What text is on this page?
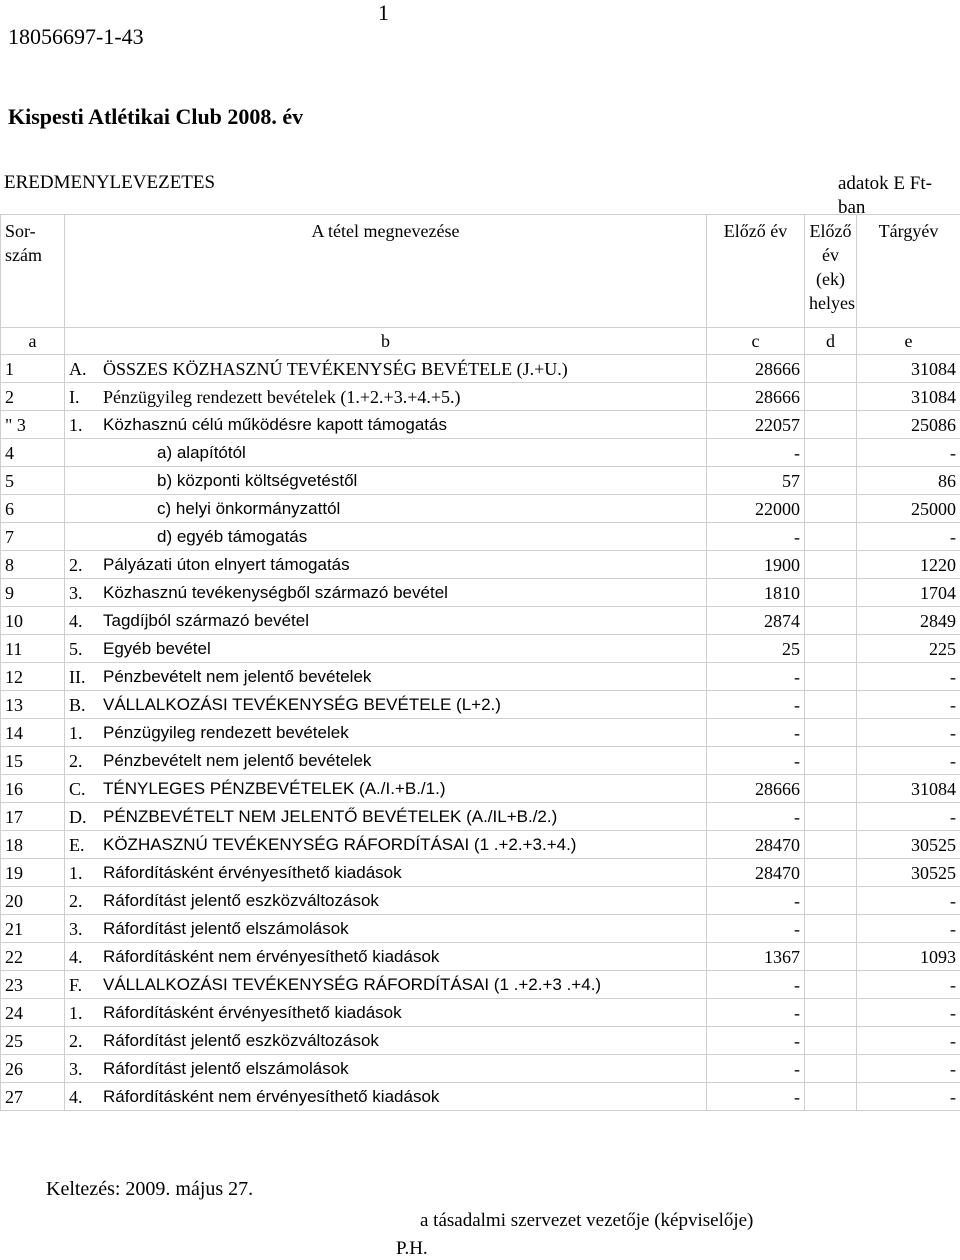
18056697-1-43
1
Kispesti Atlétikai Club 2008. év
EREDMENYLEVEZETES	adatok E Ft-ban
Sor- szám	A tétel megnevezése	Előző év	Előző év (ek) helyes	Tárgyév
a	b	c	d	e
1	A. ÖSSZES KÖZHASZNÚ TEVÉKENYSÉG BEVÉTELE (J.+U.)	28666		31084
2	I. Pénzügyileg rendezett bevételek (1.+2.+3.+4.+5.)	28666		31084
" 3	1. Közhasznú célú működésre kapott támogatás	22057		25086
4	a) alapítótól	-		-
5	b) központi költségvetéstől	57		86
6	c) helyi önkormányzattól	22000		25000
7	d) egyéb támogatás	-		-
8	2. Pályázati úton elnyert támogatás	1900		1220
9	3. Közhasznú tevékenységből származó bevétel	1810		1704
10	4. Tagdíjból származó bevétel	2874		2849
11	5. Egyéb bevétel	25		225
12	II. Pénzbevételt nem jelentő bevételek	-		-
13	B. VÁLLALKOZÁSI TEVÉKENYSÉG BEVÉTELE (L+2.)	-		-
14	1. Pénzügyileg rendezett bevételek	-		-
15	2. Pénzbevételt nem jelentő bevételek	-		-
16	C. TÉNYLEGES PÉNZBEVÉTELEK (A./I.+B./1.)	28666		31084
17	D. PÉNZBEVÉTELT NEM JELENTŐ BEVÉTELEK (A./IL+B./2.)	-		-
18	E. KÖZHASZNÚ TEVÉKENYSÉG RÁFORDÍTÁSAI (1 .+2.+3.+4.)	28470		30525
19	1. Ráfordításként érvényesíthető kiadások	28470		30525
20	2. Ráfordítást jelentő eszközváltozások	-		-
21	3. Ráfordítást jelentő elszámolások	-		-
22	4. Ráfordításként nem érvényesíthető kiadások	1367		1093
23	F. VÁLLALKOZÁSI TEVÉKENYSÉG RÁFORDÍTÁSAI (1 .+2.+3 .+4.)	-		-
24	1. Ráfordításként érvényesíthető kiadások	-		-
25	2. Ráfordítást jelentő eszközváltozások	-		-
26	3. Ráfordítást jelentő elszámolások	-		-
27	4. Ráfordításként nem érvényesíthető kiadások	-		-
Keltezés: 2009. május 27.
a tásadalmi szervezet vezetője (képviselője)
P.H.
